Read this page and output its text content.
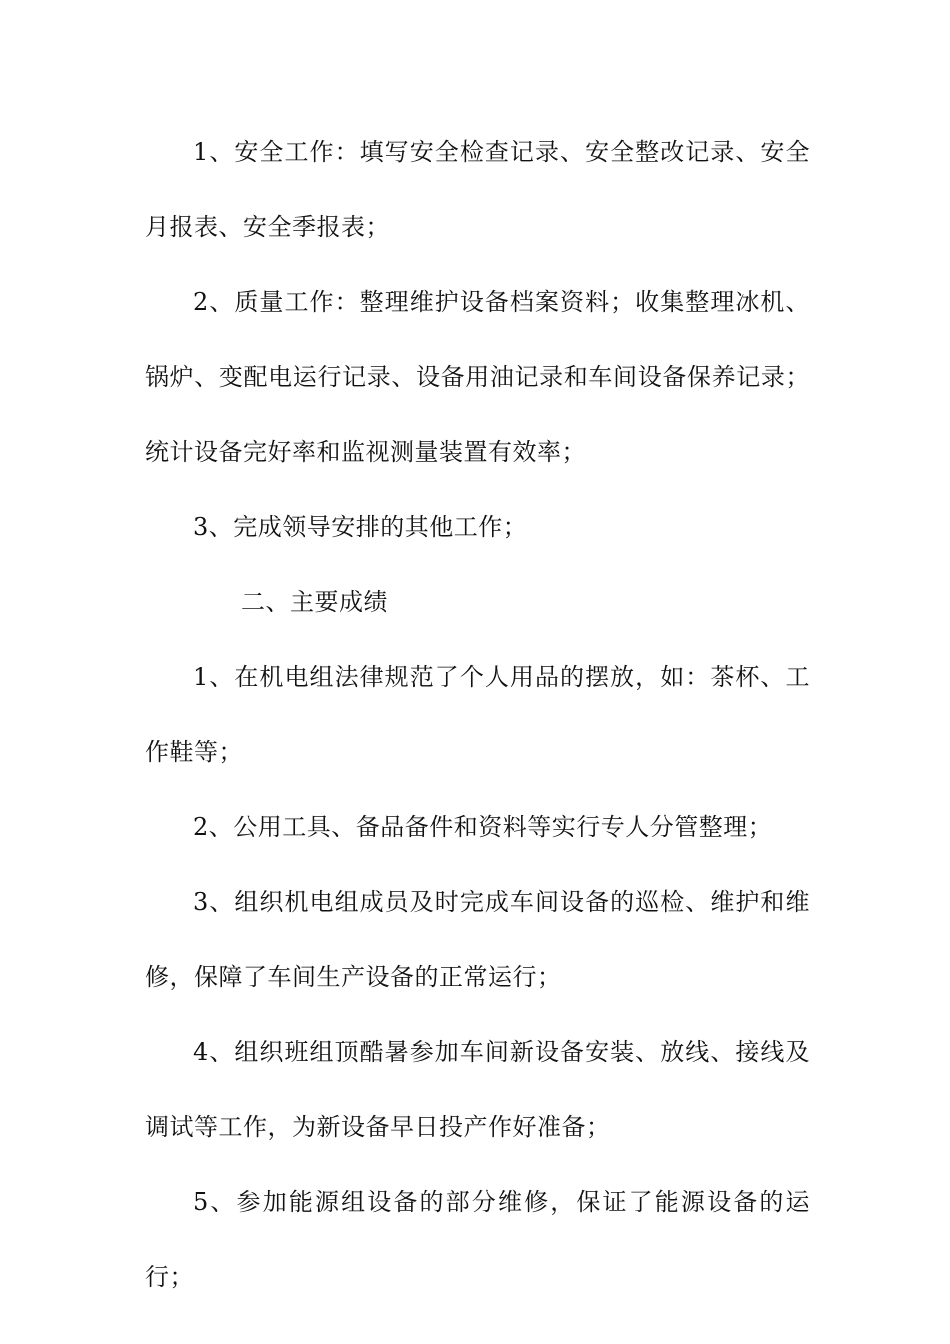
1、安全工作：填写安全检查记录、安全整改记录、安全月报表、安全季报表；

2、质量工作：整理维护设备档案资料；收集整理冰机、锅炉、变配电运行记录、设备用油记录和车间设备保养记录；统计设备完好率和监视测量装置有效率；

3、完成领导安排的其他工作；

二、主要成绩

1、在机电组法律规范了个人用品的摆放，如：茶杯、工作鞋等；

2、公用工具、备品备件和资料等实行专人分管整理；

3、组织机电组成员及时完成车间设备的巡检、维护和维修，保障了车间生产设备的正常运行；

4、组织班组顶酷暑参加车间新设备安装、放线、接线及调试等工作，为新设备早日投产作好准备；

5、参加能源组设备的部分维修，保证了能源设备的运行；
